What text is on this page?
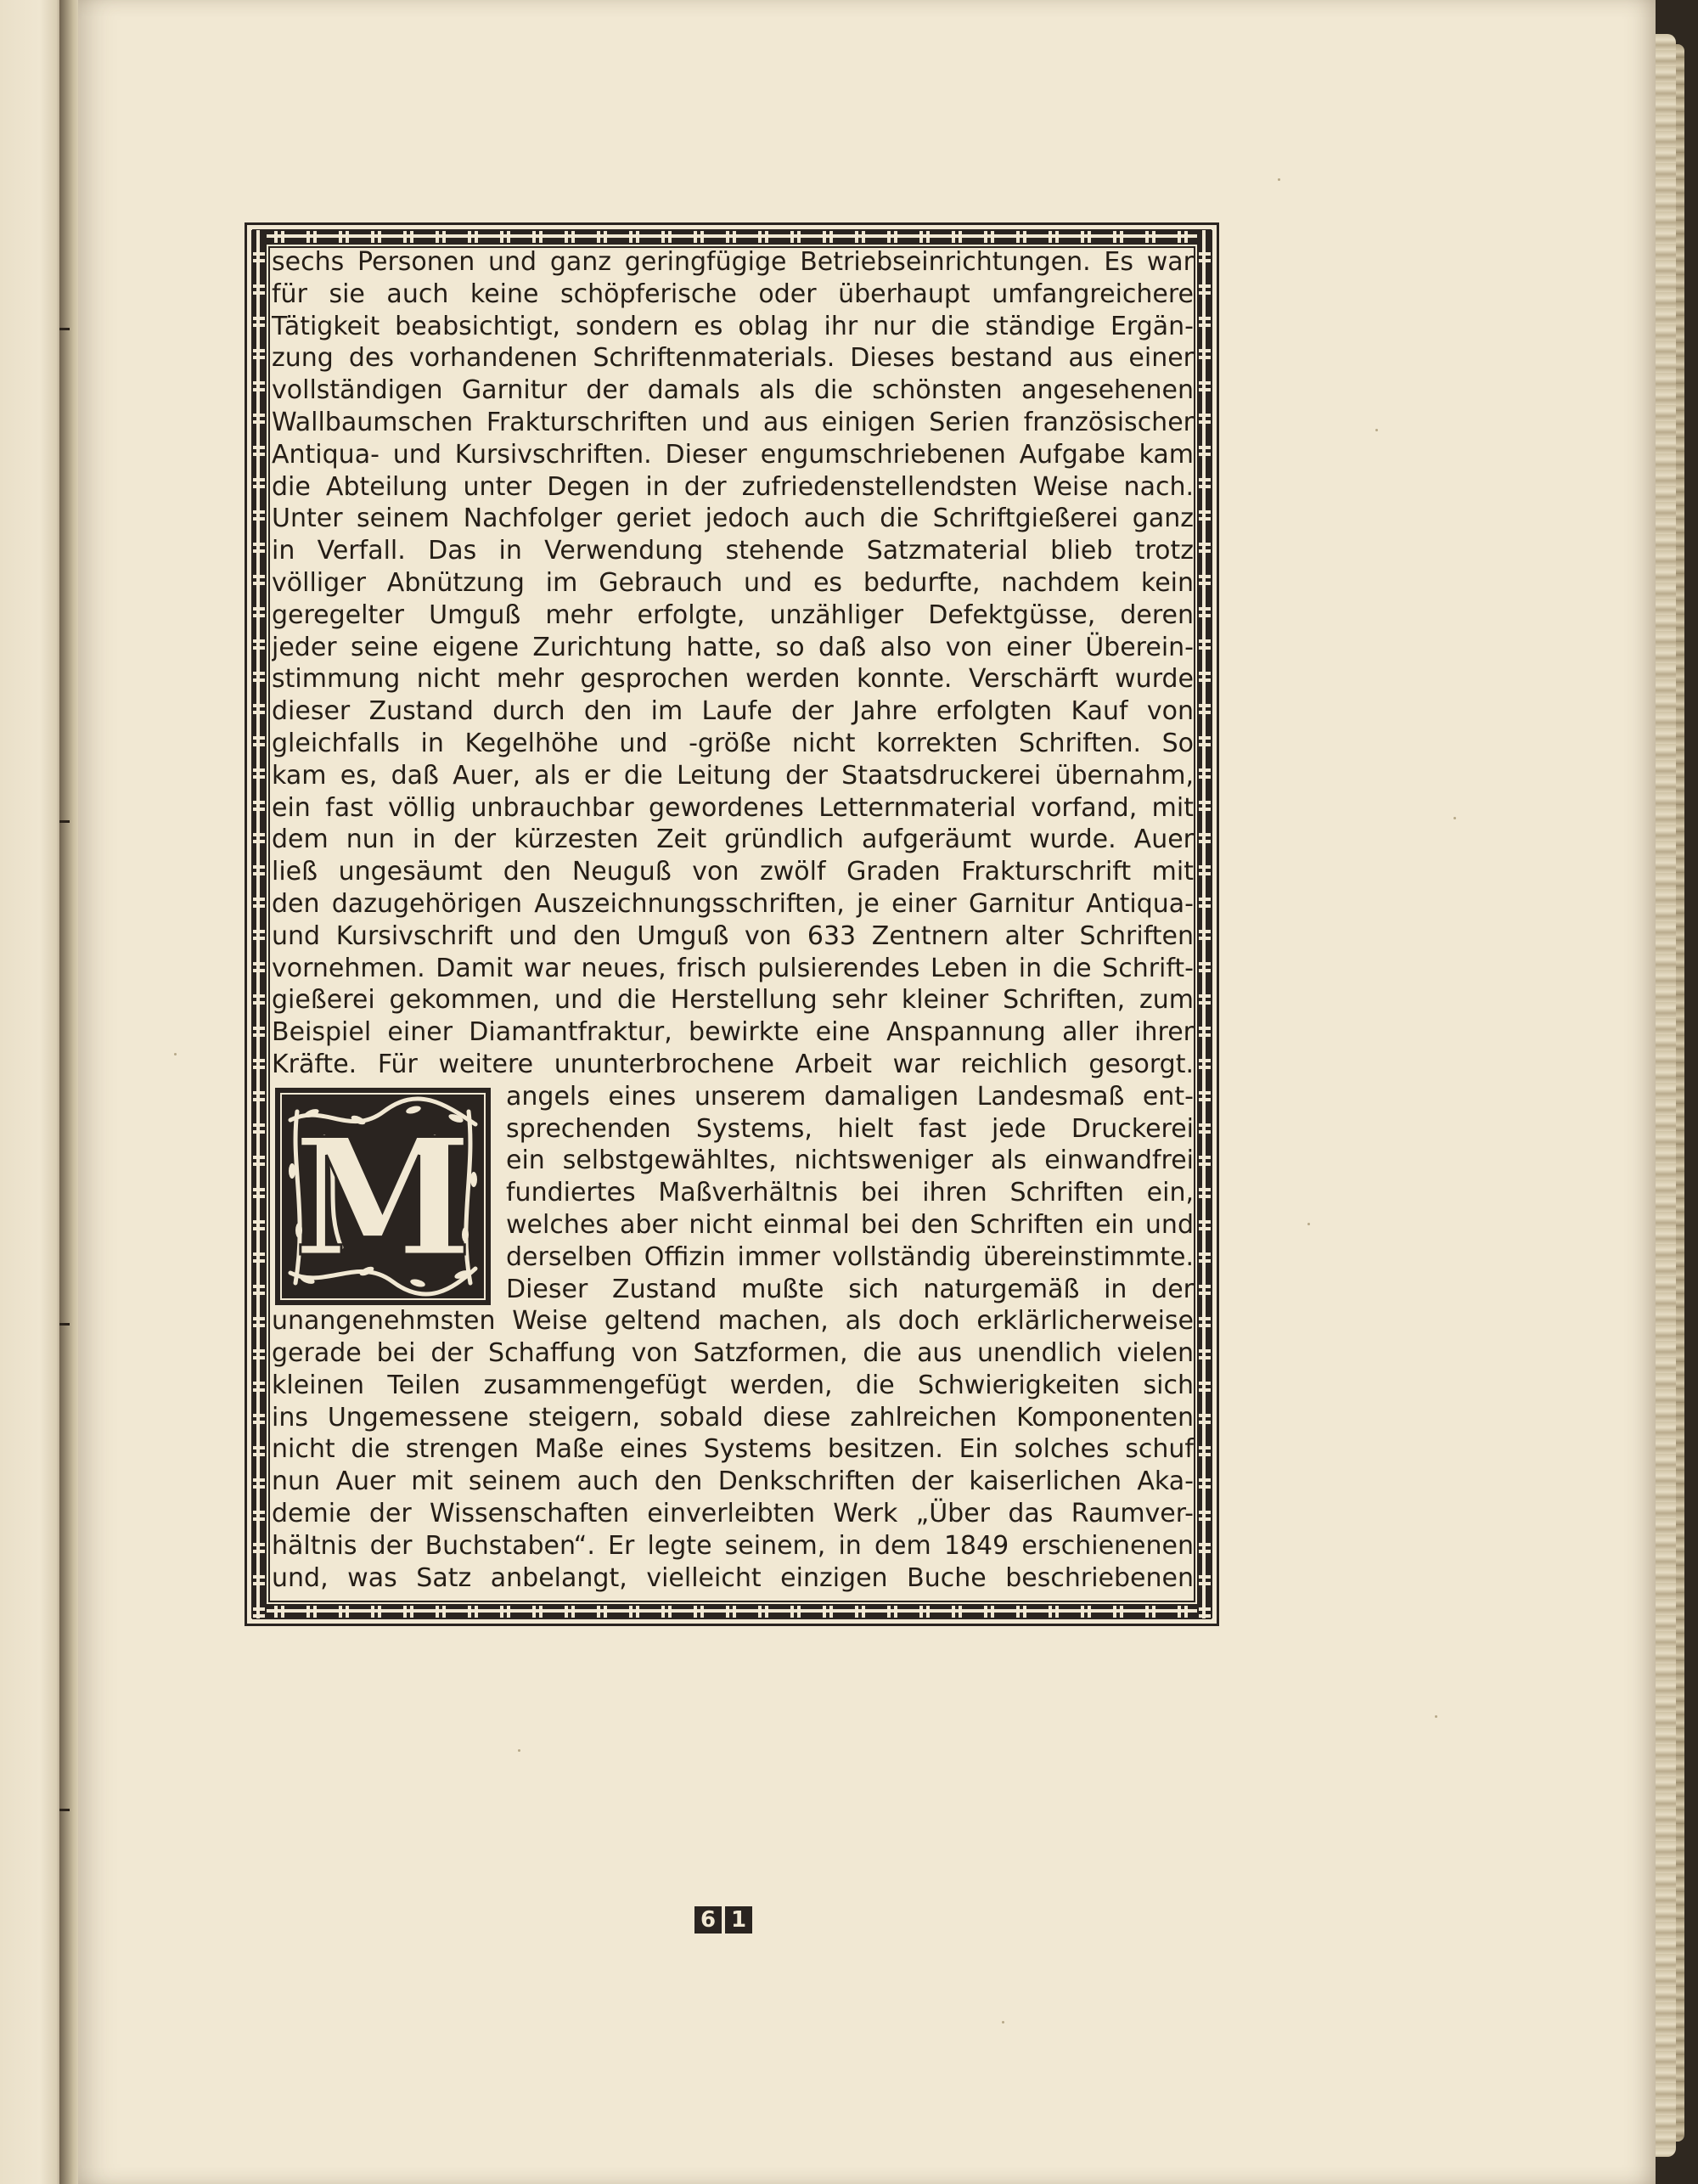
sechs Personen und ganz geringfügige Betriebseinrichtungen. Es war
für sie auch keine schöpferische oder überhaupt umfangreichere
Tätigkeit beabsichtigt, sondern es oblag ihr nur die ständige Ergän-
zung des vorhandenen Schriftenmaterials. Dieses bestand aus einer
vollständigen Garnitur der damals als die schönsten angesehenen
Wallbaumschen Frakturschriften und aus einigen Serien französischer
Antiqua- und Kursivschriften. Dieser engumschriebenen Aufgabe kam
die Abteilung unter Degen in der zufriedenstellendsten Weise nach.
Unter seinem Nachfolger geriet jedoch auch die Schriftgießerei ganz
in Verfall. Das in Verwendung stehende Satzmaterial blieb trotz
völliger Abnützung im Gebrauch und es bedurfte, nachdem kein
geregelter Umguß mehr erfolgte, unzähliger Defektgüsse, deren
jeder seine eigene Zurichtung hatte, so daß also von einer Überein-
stimmung nicht mehr gesprochen werden konnte. Verschärft wurde
dieser Zustand durch den im Laufe der Jahre erfolgten Kauf von
gleichfalls in Kegelhöhe und -größe nicht korrekten Schriften. So
kam es, daß Auer, als er die Leitung der Staatsdruckerei übernahm,
ein fast völlig unbrauchbar gewordenes Letternmaterial vorfand, mit
dem nun in der kürzesten Zeit gründlich aufgeräumt wurde. Auer
ließ ungesäumt den Neuguß von zwölf Graden Frakturschrift mit
den dazugehörigen Auszeichnungsschriften, je einer Garnitur Antiqua-
und Kursivschrift und den Umguß von 633 Zentnern alter Schriften
vornehmen. Damit war neues, frisch pulsierendes Leben in die Schrift-
gießerei gekommen, und die Herstellung sehr kleiner Schriften, zum
Beispiel einer Diamantfraktur, bewirkte eine Anspannung aller ihrer
Kräfte. Für weitere ununterbrochene Arbeit war reichlich gesorgt.
angels eines unserem damaligen Landesmaß ent-
sprechenden Systems, hielt fast jede Druckerei
ein selbstgewähltes, nichtsweniger als einwandfrei
fundiertes Maßverhältnis bei ihren Schriften ein,
welches aber nicht einmal bei den Schriften ein und
derselben Offizin immer vollständig übereinstimmte.
Dieser Zustand mußte sich naturgemäß in der
unangenehmsten Weise geltend machen, als doch erklärlicherweise
gerade bei der Schaffung von Satzformen, die aus unendlich vielen
kleinen Teilen zusammengefügt werden, die Schwierigkeiten sich
ins Ungemessene steigern, sobald diese zahlreichen Komponenten
nicht die strengen Maße eines Systems besitzen. Ein solches schuf
nun Auer mit seinem auch den Denkschriften der kaiserlichen Aka-
demie der Wissenschaften einverleibten Werk „Über das Raumver-
hältnis der Buchstaben“. Er legte seinem, in dem 1849 erschienenen
und, was Satz anbelangt, vielleicht einzigen Buche beschriebenen
M
6 1
